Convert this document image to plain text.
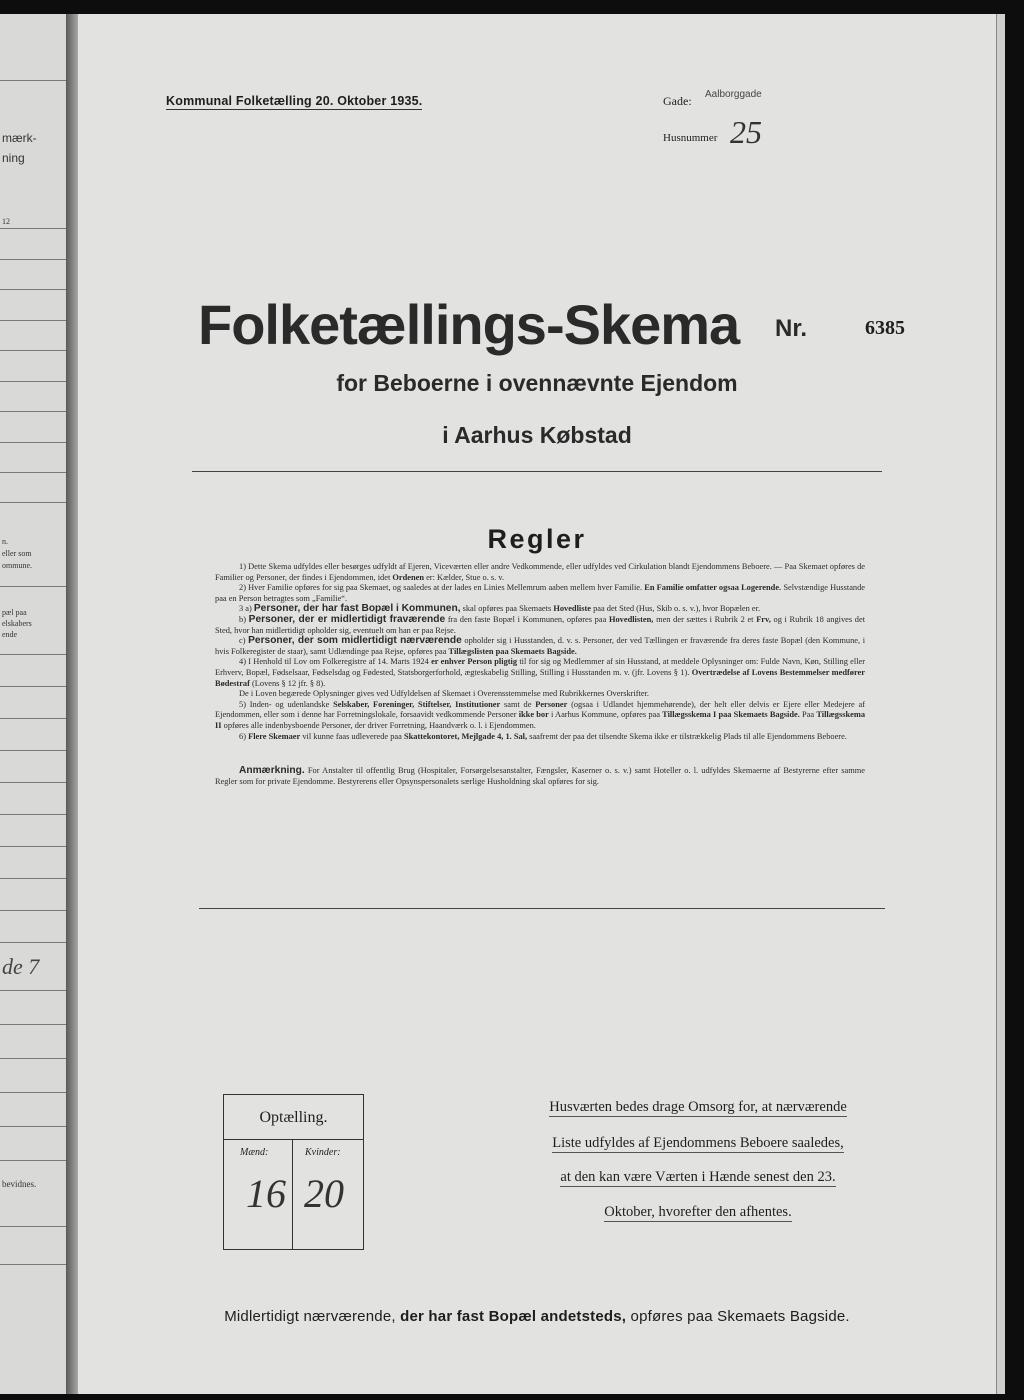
mærk-
ning
12
n.
eller som
ommune.
pæl paa
elskabers
ende
de 7
bevidnes.
Kommunal Folketælling 20. Oktober 1935.	Gade: Aalborggade
Husnummer 25
Folketællings-Skema Nr.	6385
for Beboerne i ovennævnte Ejendom
i Aarhus Købstad
Regler

1) Dette Skema udfyldes eller besørges udfyldt af Ejeren, Viceværten eller andre Vedkommende, eller udfyldes ved Cirkulation blandt Ejendommens Beboere. — Paa Skemaet opføres de Familier og Personer, der findes i Ejendommen, idet Ordenen er: Kælder, Stue o. s. v.

2) Hver Familie opføres for sig paa Skemaet, og saaledes at der lades en Linies Mellemrum aaben mellem hver Familie. En Familie omfatter ogsaa Logerende. Selvstændige Husstande paa en Person betragtes som „Familie“.

3 a) Personer, der har fast Bopæl i Kommunen, skal opføres paa Skemaets Hovedliste paa det Sted (Hus, Skib o. s. v.), hvor Bopælen er.

b) Personer, der er midlertidigt fraværende fra den faste Bopæl i Kommunen, opføres paa Hovedlisten, men der sættes i Rubrik 2 et Frv, og i Rubrik 18 angives det Sted, hvor han midlertidigt opholder sig, eventuelt om han er paa Rejse.

c) Personer, der som midlertidigt nærværende opholder sig i Husstanden, d. v. s. Personer, der ved Tællingen er fraværende fra deres faste Bopæl (den Kommune, i hvis Folkeregister de staar), samt Udlændinge paa Rejse, opføres paa Tillægslisten paa Skemaets Bagside.

4) I Henhold til Lov om Folkeregistre af 14. Marts 1924 er enhver Person pligtig til for sig og Medlemmer af sin Husstand, at meddele Oplysninger om: Fulde Navn, Køn, Stilling eller Erhverv, Bopæl, Fødselsaar, Fødselsdag og Fødested, Statsborgerforhold, ægteskabelig Stilling, Stilling i Husstanden m. v. (jfr. Lovens § 1). Overtrædelse af Lovens Bestemmelser medfører Bødestraf (Lovens § 12 jfr. § 8).

De i Loven begærede Oplysninger gives ved Udfyldelsen af Skemaet i Overensstemmelse med Rubrikkernes Overskrifter.

5) Inden- og udenlandske Selskaber, Foreninger, Stiftelser, Institutioner samt de Personer (ogsaa i Udlandet hjemmehørende), der helt eller delvis er Ejere eller Medejere af Ejendommen, eller som i denne har Forretningslokale, forsaavidt vedkommende Personer ikke bor i Aarhus Kommune, opføres paa Tillægsskema I paa Skemaets Bagside. Paa Tillægsskema II opføres alle indenbysboende Personer, der driver Forretning, Haandværk o. l. i Ejendommen.

6) Flere Skemaer vil kunne faas udleverede paa Skattekontoret, Mejlgade 4, 1. Sal, saafremt der paa det tilsendte Skema ikke er tilstrækkelig Plads til alle Ejendommens Beboere.

Anmærkning. For Anstalter til offentlig Brug (Hospitaler, Forsørgelsesanstalter, Fængsler, Kaserner o. s. v.) samt Hoteller o. l. udfyldes Skemaerne af Bestyrerne efter samme Regler som for private Ejendomme. Bestyrerens eller Opsynspersonalets særlige Husholdning skal opføres for sig.

Optælling.
Mænd:	Kvinder:
16 20
Husværten bedes drage Omsorg for, at nærværende
Liste udfyldes af Ejendommens Beboere saaledes,
at den kan være Værten i Hænde senest den 23.
Oktober, hvorefter den afhentes.
Midlertidigt nærværende, der har fast Bopæl andetsteds, opføres paa Skemaets Bagside.
